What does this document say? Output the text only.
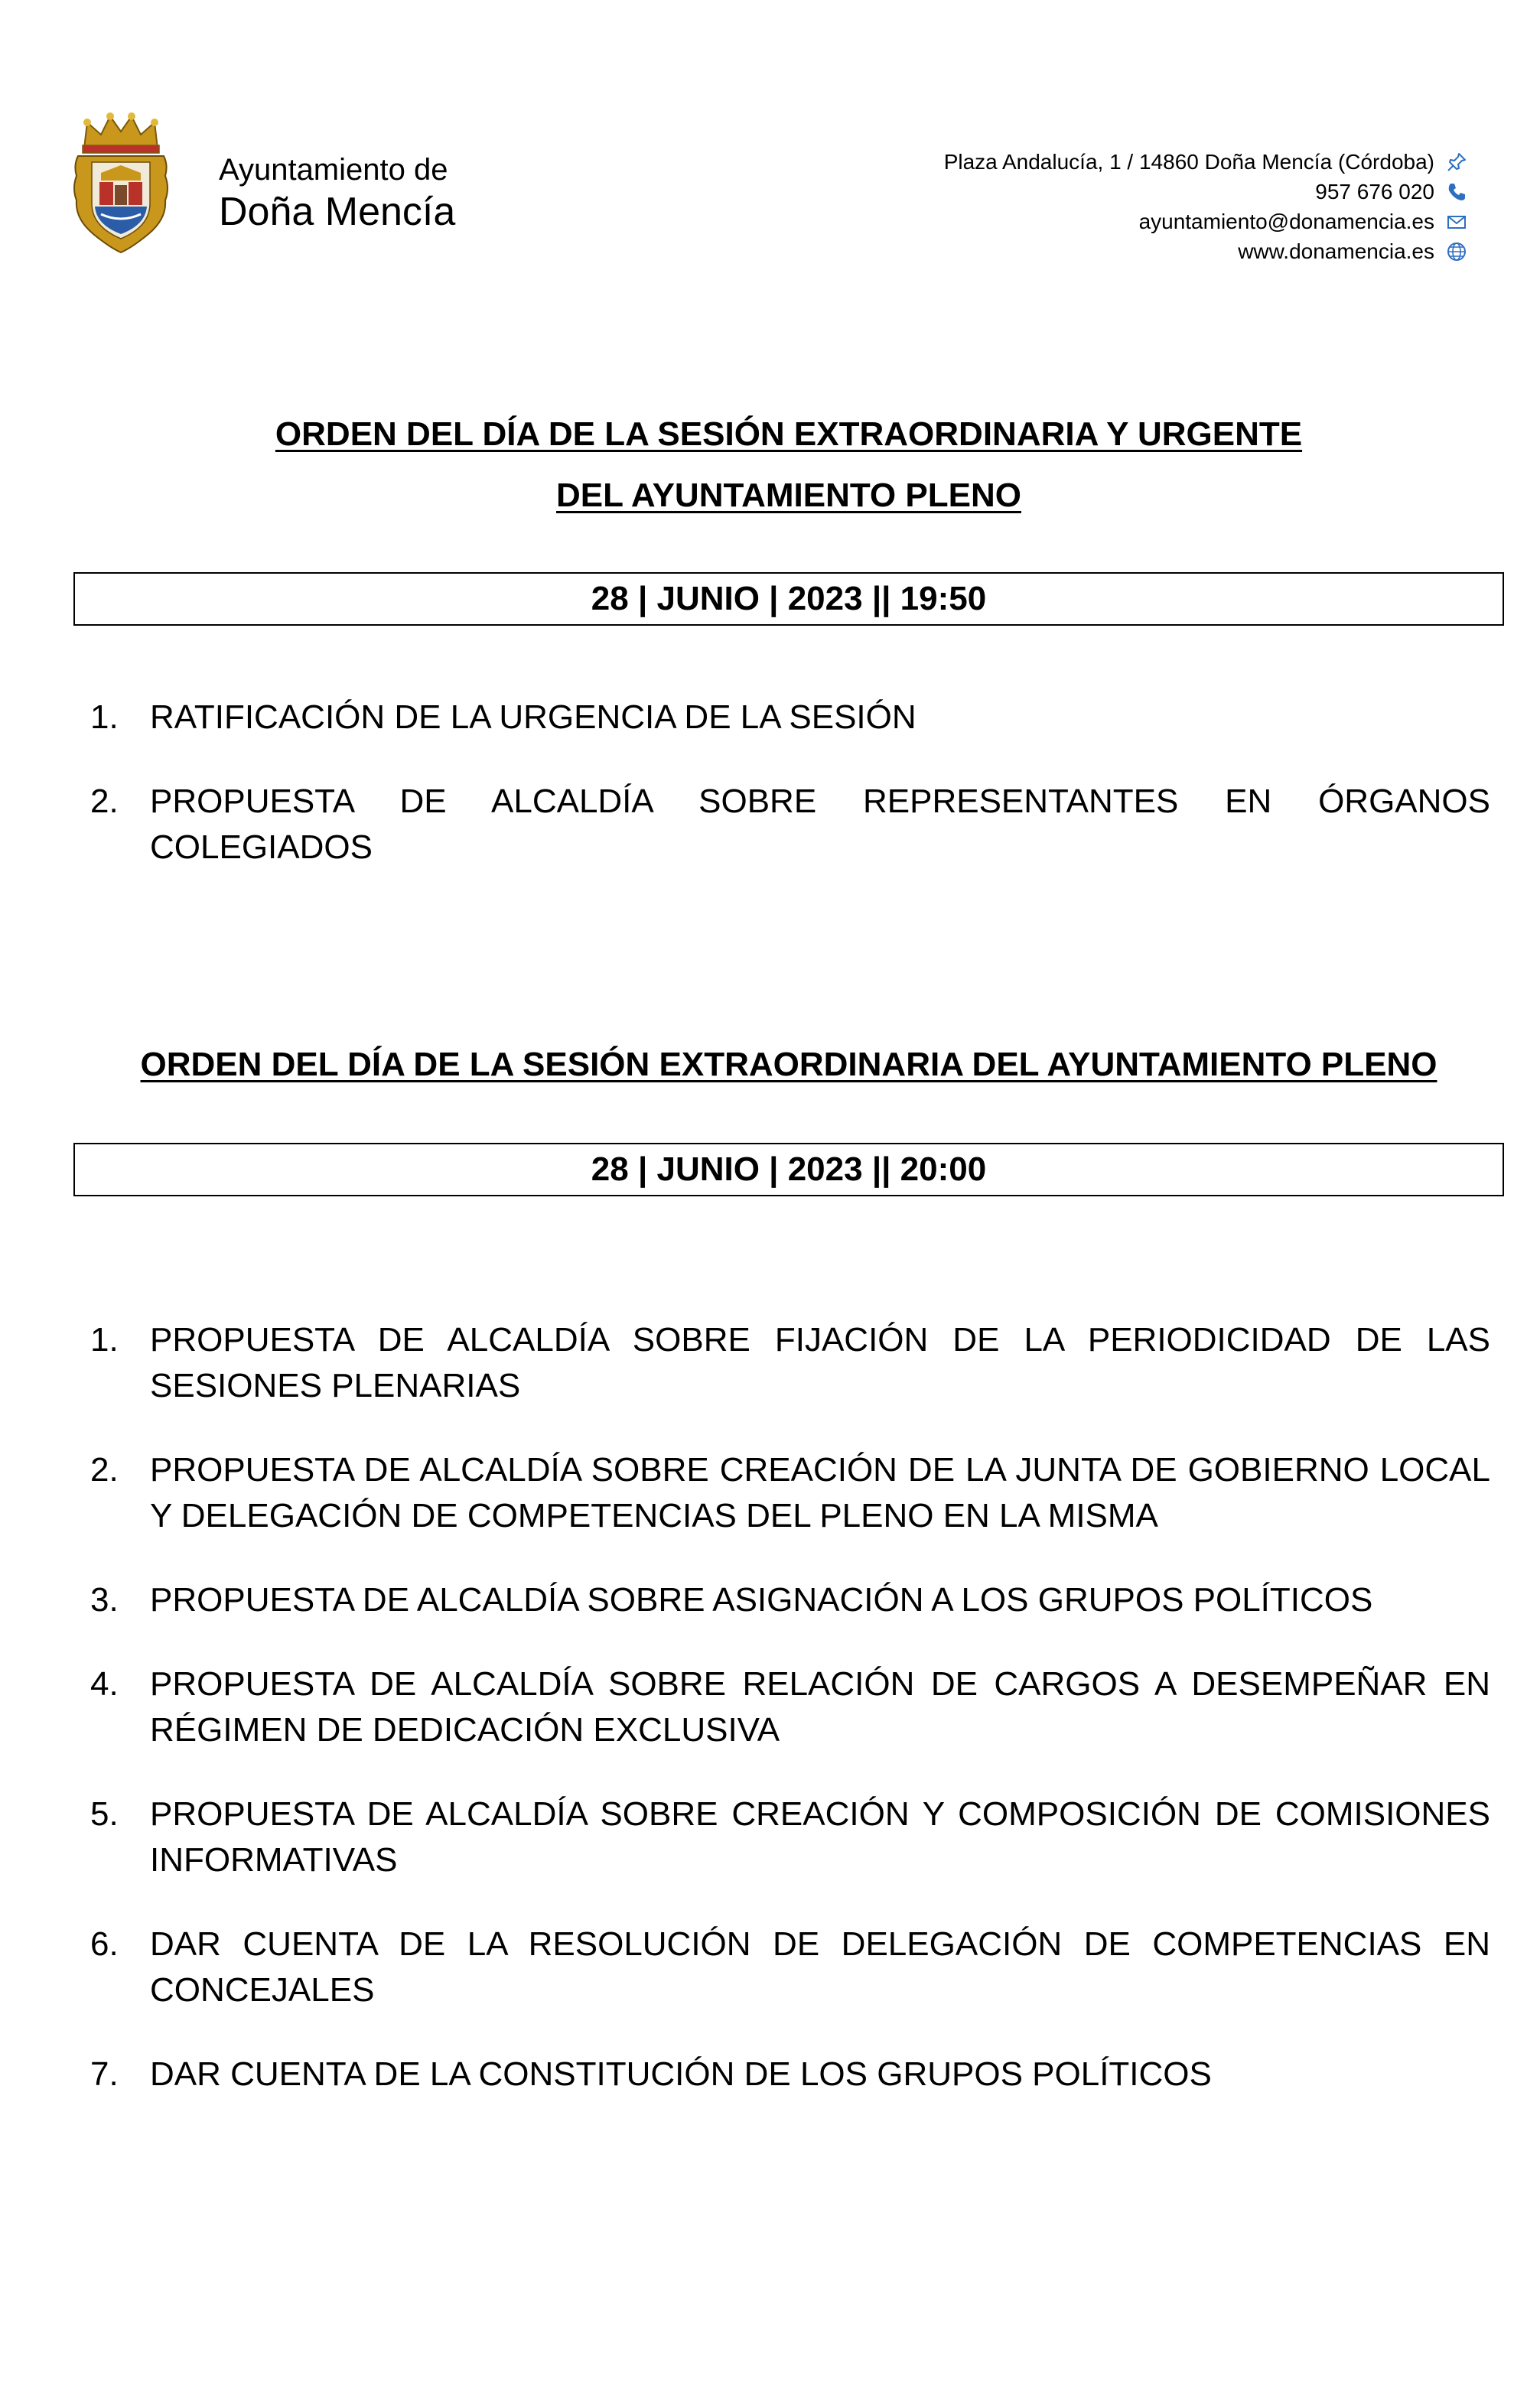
Ayuntamiento de
Doña Mencía
Plaza Andalucía, 1 / 14860 Doña Mencía (Córdoba)
957 676 020
ayuntamiento@donamencia.es
www.donamencia.es
ORDEN DEL DÍA DE LA SESIÓN EXTRAORDINARIA Y URGENTE
DEL AYUNTAMIENTO PLENO
28 | JUNIO | 2023 || 19:50
1. RATIFICACIÓN DE LA URGENCIA DE LA SESIÓN
2. PROPUESTA DE ALCALDÍA SOBRE REPRESENTANTES EN ÓRGANOS COLEGIADOS
ORDEN DEL DÍA DE LA SESIÓN EXTRAORDINARIA DEL AYUNTAMIENTO PLENO
28 | JUNIO | 2023 || 20:00
1. PROPUESTA DE ALCALDÍA SOBRE FIJACIÓN DE LA PERIODICIDAD DE LAS SESIONES PLENARIAS
2. PROPUESTA DE ALCALDÍA SOBRE CREACIÓN DE LA JUNTA DE GOBIERNO LOCAL Y DELEGACIÓN DE COMPETENCIAS DEL PLENO EN LA MISMA
3. PROPUESTA DE ALCALDÍA SOBRE ASIGNACIÓN A LOS GRUPOS POLÍTICOS
4. PROPUESTA DE ALCALDÍA SOBRE RELACIÓN DE CARGOS A DESEMPEÑAR EN RÉGIMEN DE DEDICACIÓN EXCLUSIVA
5. PROPUESTA DE ALCALDÍA SOBRE CREACIÓN Y COMPOSICIÓN DE COMISIONES INFORMATIVAS
6. DAR CUENTA DE LA RESOLUCIÓN DE DELEGACIÓN DE COMPETENCIAS EN CONCEJALES
7. DAR CUENTA DE LA CONSTITUCIÓN DE LOS GRUPOS POLÍTICOS
